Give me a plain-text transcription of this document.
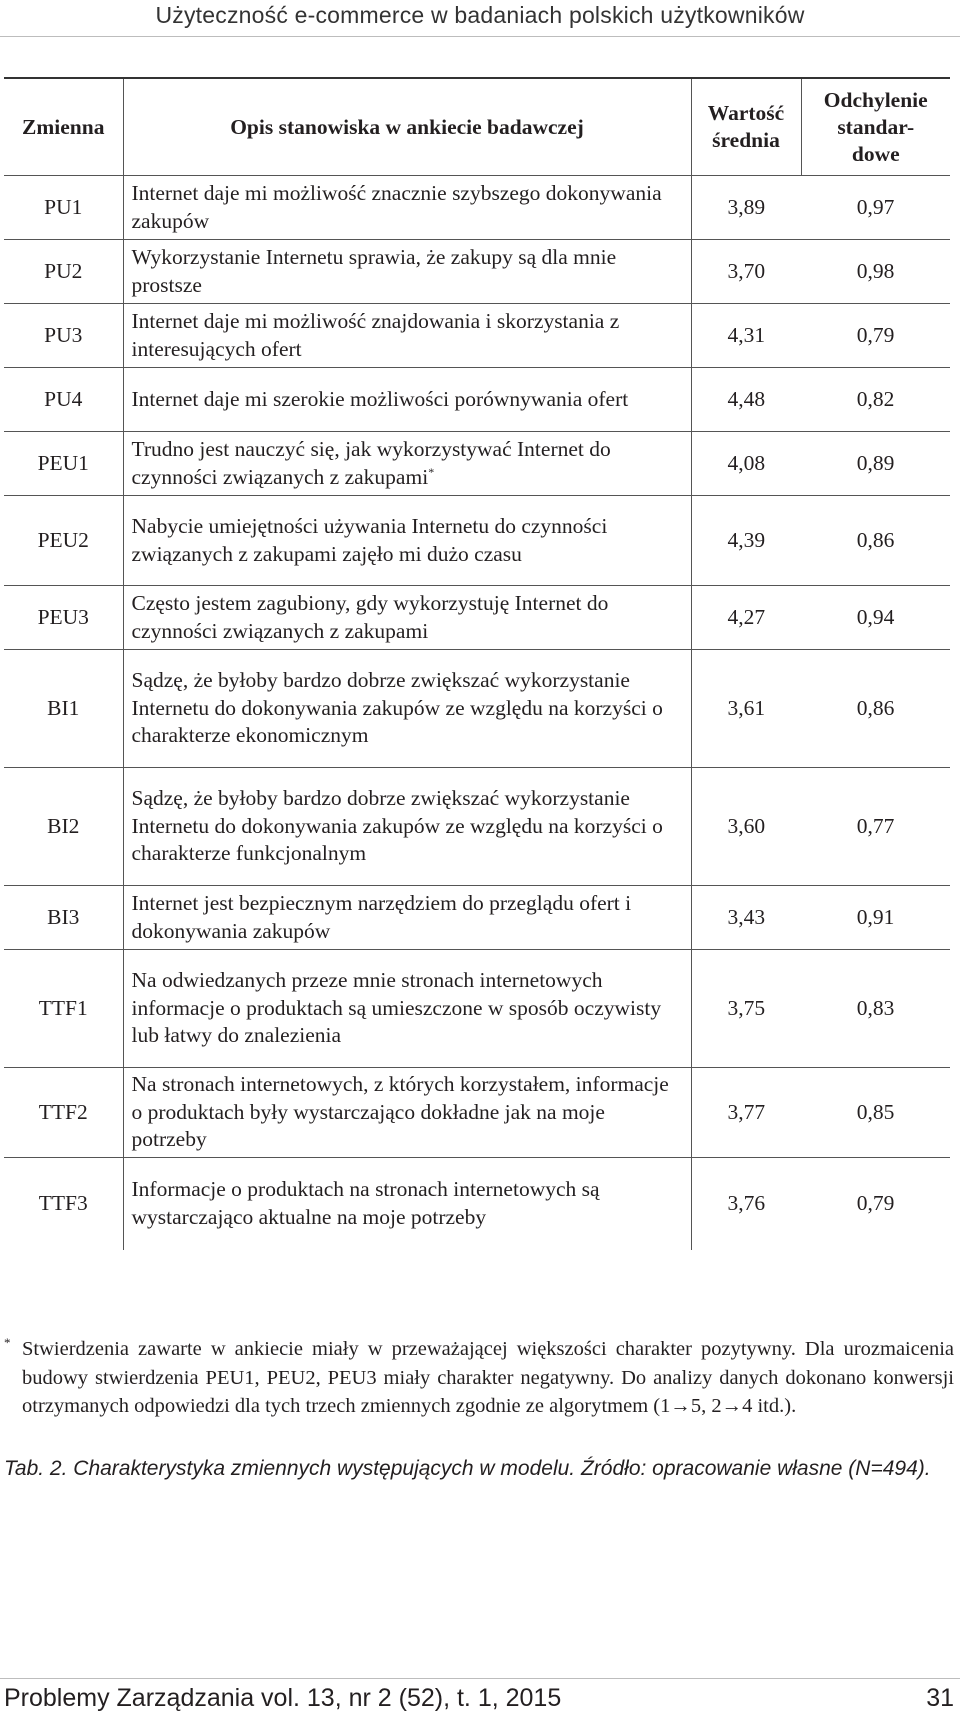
Użyteczność e-commerce w badaniach polskich użytkowników
Zmienna	Opis stanowiska w ankiecie badawczej	Wartość średnia	Odchylenie standar-dowe
PU1	Internet daje mi możliwość znacznie szybszego dokonywania zakupów	3,89	0,97
PU2	Wykorzystanie Internetu sprawia, że zakupy są dla mnie prostsze	3,70	0,98
PU3	Internet daje mi możliwość znajdowania i skorzystania z interesujących ofert	4,31	0,79
PU4	Internet daje mi szerokie możliwości porównywania ofert	4,48	0,82
PEU1	Trudno jest nauczyć się, jak wykorzystywać Internet do czynności związanych z zakupami*	4,08	0,89
PEU2	Nabycie umiejętności używania Internetu do czynności związanych z zakupami zajęło mi dużo czasu	4,39	0,86
PEU3	Często jestem zagubiony, gdy wykorzystuję Internet do czynności związanych z zakupami	4,27	0,94
BI1	Sądzę, że byłoby bardzo dobrze zwiększać wykorzystanie Internetu do dokonywania zakupów ze względu na korzyści o charakterze ekonomicznym	3,61	0,86
BI2	Sądzę, że byłoby bardzo dobrze zwiększać wykorzystanie Internetu do dokonywania zakupów ze względu na korzyści o charakterze funkcjonalnym	3,60	0,77
BI3	Internet jest bezpiecznym narzędziem do przeglądu ofert i dokonywania zakupów	3,43	0,91
TTF1	Na odwiedzanych przeze mnie stronach internetowych informacje o produktach są umieszczone w sposób oczywisty lub łatwy do znalezienia	3,75	0,83
TTF2	Na stronach internetowych, z których korzystałem, informacje o produktach były wystarczająco dokładne jak na moje potrzeby	3,77	0,85
TTF3	Informacje o produktach na stronach internetowych są wystarczająco aktualne na moje potrzeby	3,76	0,79
* Stwierdzenia zawarte w ankiecie miały w przeważającej większości charakter pozytywny. Dla urozmaicenia budowy stwierdzenia PEU1, PEU2, PEU3 miały charakter negatywny. Do analizy danych dokonano konwersji otrzymanych odpowiedzi dla tych trzech zmiennych zgodnie ze algorytmem (1→5, 2→4 itd.).
Tab. 2. Charakterystyka zmiennych występujących w modelu. Źródło: opracowanie własne (N=494).
Problemy Zarządzania vol. 13, nr 2 (52), t. 1, 2015	31
